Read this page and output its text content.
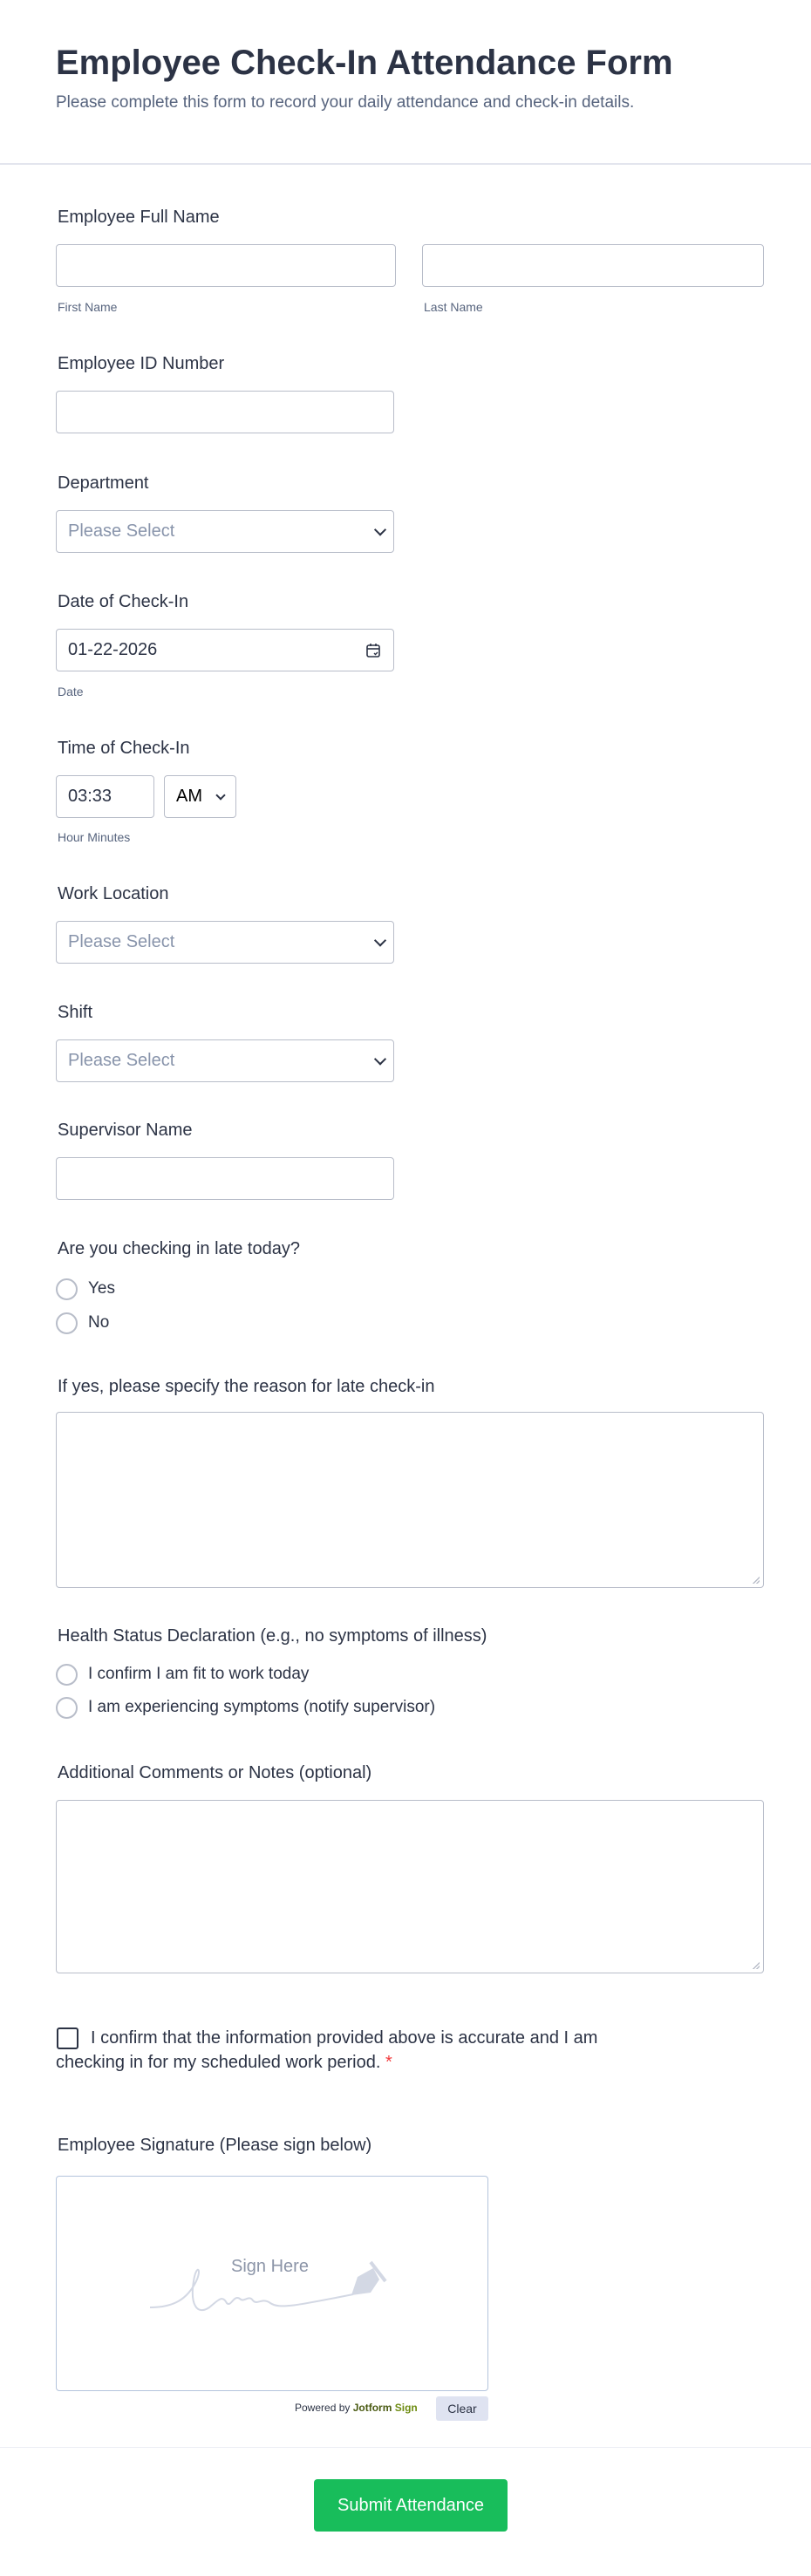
Employee Check-In Attendance Form
Please complete this form to record your daily attendance and check-in details.
Employee Full Name
First Name	Last Name
Employee ID Number
Department
Please Select
Date of Check-In
01-22-2026
Date
Time of Check-In
03:33
AM
Hour Minutes
Work Location
Please Select
Shift
Please Select
Supervisor Name
Are you checking in late today?
Yes
No
If yes, please specify the reason for late check-in
Health Status Declaration (e.g., no symptoms of illness)
I confirm I am fit to work today
I am experiencing symptoms (notify supervisor)
Additional Comments or Notes (optional)
I confirm that the information provided above is accurate and I am
checking in for my scheduled work period. *
Employee Signature (Please sign below)
Sign Here
Powered by Jotform Sign	Clear
Submit Attendance
